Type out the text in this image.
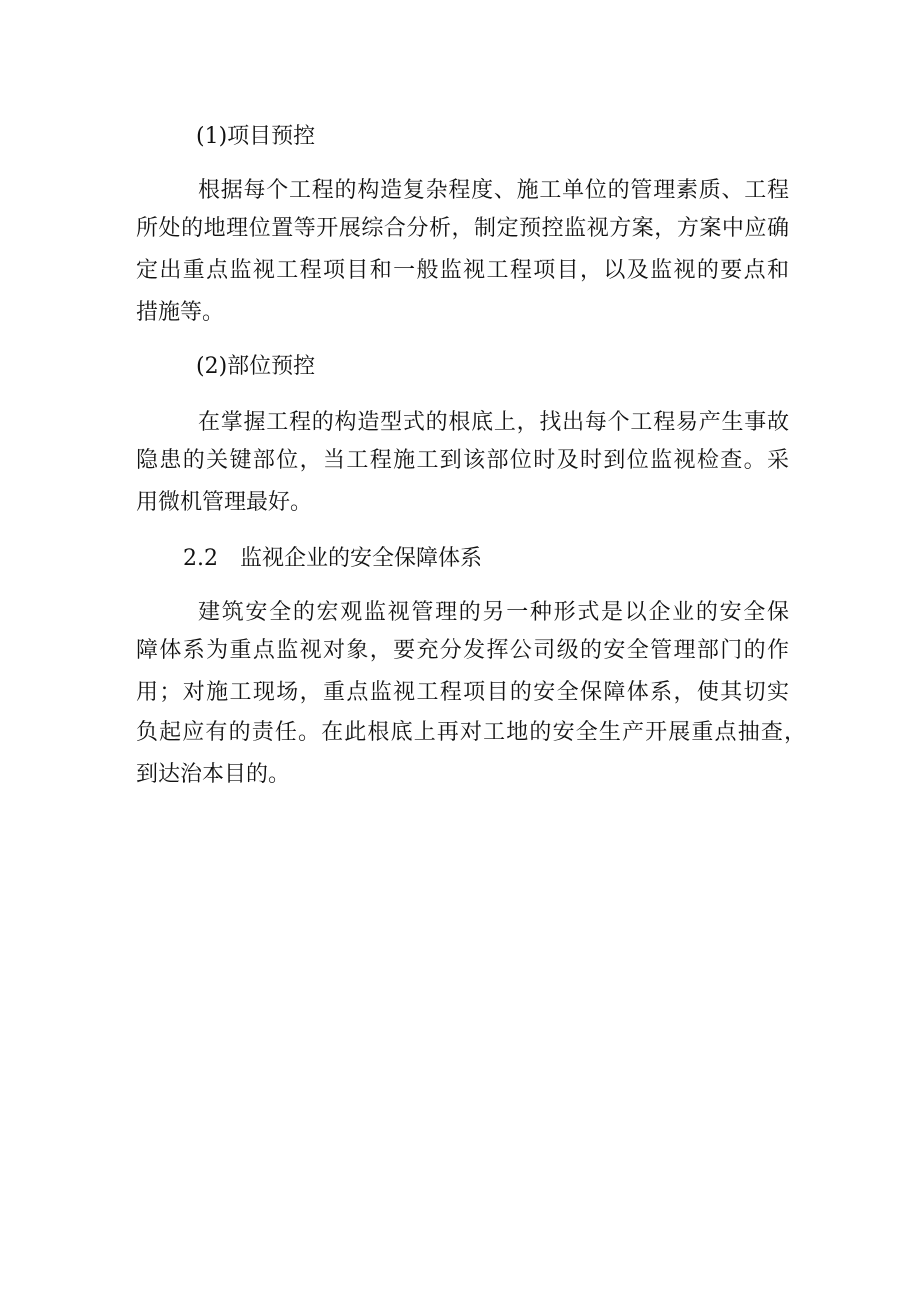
(1)项目预控
根据每个工程的构造复杂程度、施工单位的管理素质、工程
所处的地理位置等开展综合分析，制定预控监视方案，方案中应确
定出重点监视工程项目和一般监视工程项目，以及监视的要点和
措施等。
(2)部位预控
在掌握工程的构造型式的根底上，找出每个工程易产生事故
隐患的关键部位，当工程施工到该部位时及时到位监视检查。采
用微机管理最好。
2.2 监视企业的安全保障体系
建筑安全的宏观监视管理的另一种形式是以企业的安全保
障体系为重点监视对象，要充分发挥公司级的安全管理部门的作
用；对施工现场，重点监视工程项目的安全保障体系，使其切实
负起应有的责任。在此根底上再对工地的安全生产开展重点抽查，
到达治本目的。
